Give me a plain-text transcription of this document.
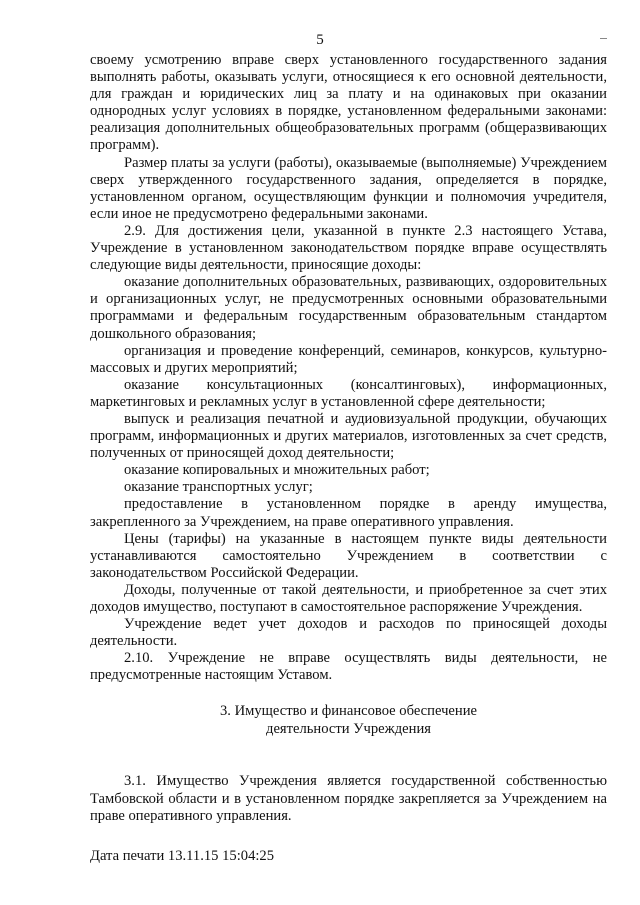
5

своему усмотрению вправе сверх установленного государственного задания выполнять работы, оказывать услуги, относящиеся к его основной деятельности, для граждан и юридических лиц за плату и на одинаковых при оказании однородных услуг условиях в порядке, установленном федеральными законами: реализация дополнительных общеобразовательных программ (общеразвивающих программ).

Размер платы за услуги (работы), оказываемые (выполняемые) Учреждением сверх утвержденного государственного задания, определяется в порядке, установленном органом, осуществляющим функции и полномочия учредителя, если иное не предусмотрено федеральными законами.

2.9. Для достижения цели, указанной в пункте 2.3 настоящего Устава, Учреждение в установленном законодательством порядке вправе осуществлять следующие виды деятельности, приносящие доходы:

оказание дополнительных образовательных, развивающих, оздоровительных и организационных услуг, не предусмотренных основными образовательными программами и федеральным государственным образовательным стандартом дошкольного образования;

организация и проведение конференций, семинаров, конкурсов, культурно-массовых и других мероприятий;

оказание консультационных (консалтинговых), информационных, маркетинговых и рекламных услуг в установленной сфере деятельности;

выпуск и реализация печатной и аудиовизуальной продукции, обучающих программ, информационных и других материалов, изготовленных за счет средств, полученных от приносящей доход деятельности;

оказание копировальных и множительных работ;

оказание транспортных услуг;

предоставление в установленном порядке в аренду имущества, закрепленного за Учреждением, на праве оперативного управления.

Цены (тарифы) на указанные в настоящем пункте виды деятельности устанавливаются самостоятельно Учреждением в соответствии с законодательством Российской Федерации.

Доходы, полученные от такой деятельности, и приобретенное за счет этих доходов имущество, поступают в самостоятельное распоряжение Учреждения.

Учреждение ведет учет доходов и расходов по приносящей доходы деятельности.

2.10. Учреждение не вправе осуществлять виды деятельности, не предусмотренные настоящим Уставом.

3. Имущество и финансовое обеспечение
деятельности Учреждения

3.1. Имущество Учреждения является государственной собственностью Тамбовской области и в установленном порядке закрепляется за Учреждением на праве оперативного управления.

Дата печати 13.11.15 15:04:25
